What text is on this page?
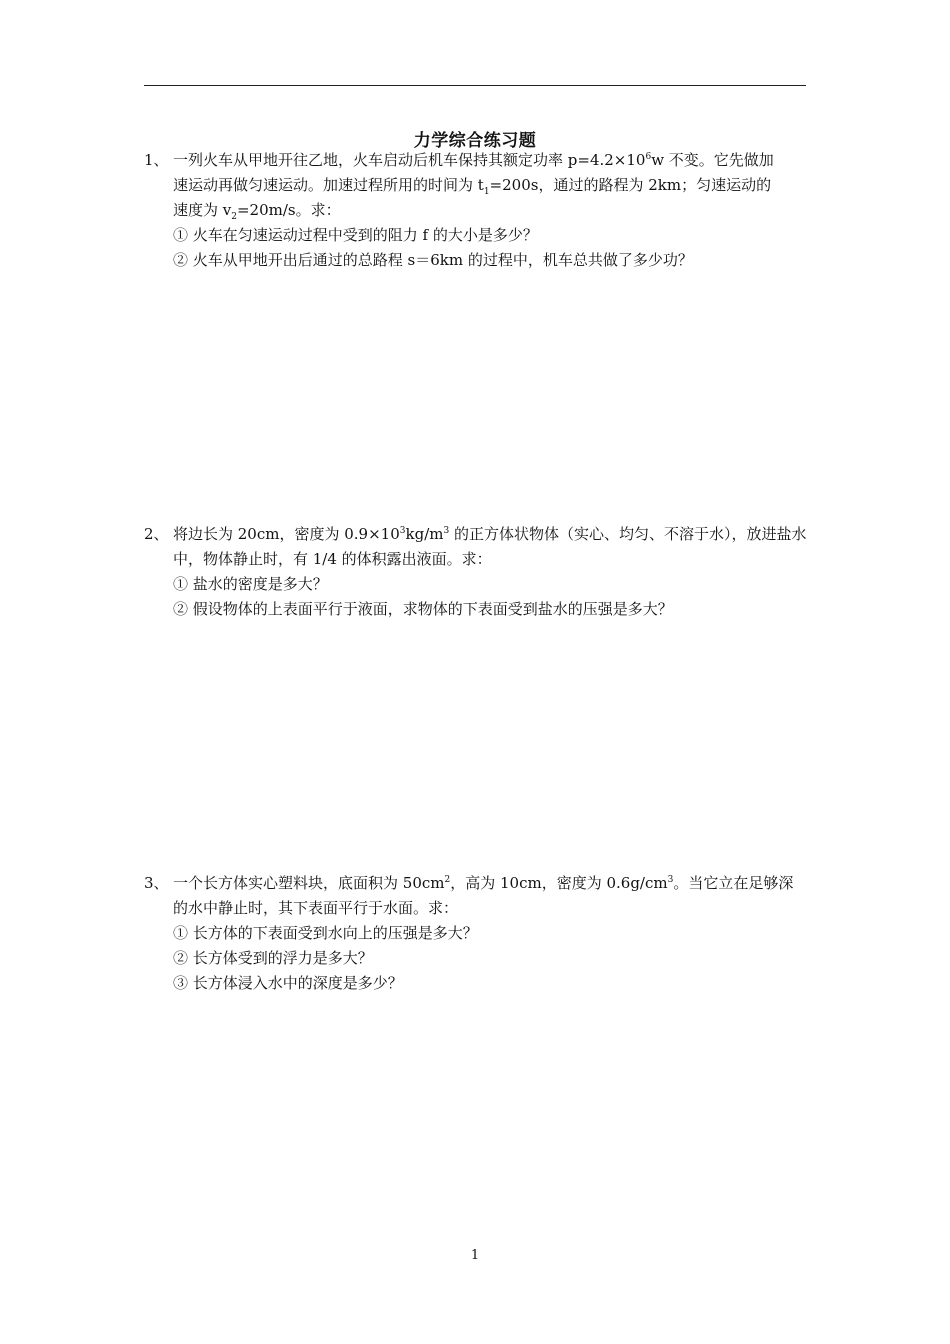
力学综合练习题
1、 一列火车从甲地开往乙地，火车启动后机车保持其额定功率 $p=4.2\times 10^6w$ 不变。它先做加
速运动再做匀速运动。加速过程所用的时间为 $t_1=200s$，通过的路程为 2km；匀速运动的
速度为 $v_2=20m/s$。求：
① 火车在匀速运动过程中受到的阻力 f 的大小是多少？
② 火车从甲地开出后通过的总路程 s＝6km 的过程中，机车总共做了多少功？
2、 将边长为 20cm，密度为 $0.9\times 10^3kg/m^3$ 的正方体状物体（实心、均匀、不溶于水），放进盐水
中，物体静止时，有 1/4 的体积露出液面。求：
① 盐水的密度是多大？
② 假设物体的上表面平行于液面，求物体的下表面受到盐水的压强是多大？
3、 一个长方体实心塑料块，底面积为 $50cm^2$，高为 10cm，密度为 $0.6g/cm^3$。当它立在足够深
的水中静止时，其下表面平行于水面。求：
① 长方体的下表面受到水向上的压强是多大？
② 长方体受到的浮力是多大？
③ 长方体浸入水中的深度是多少？
1
